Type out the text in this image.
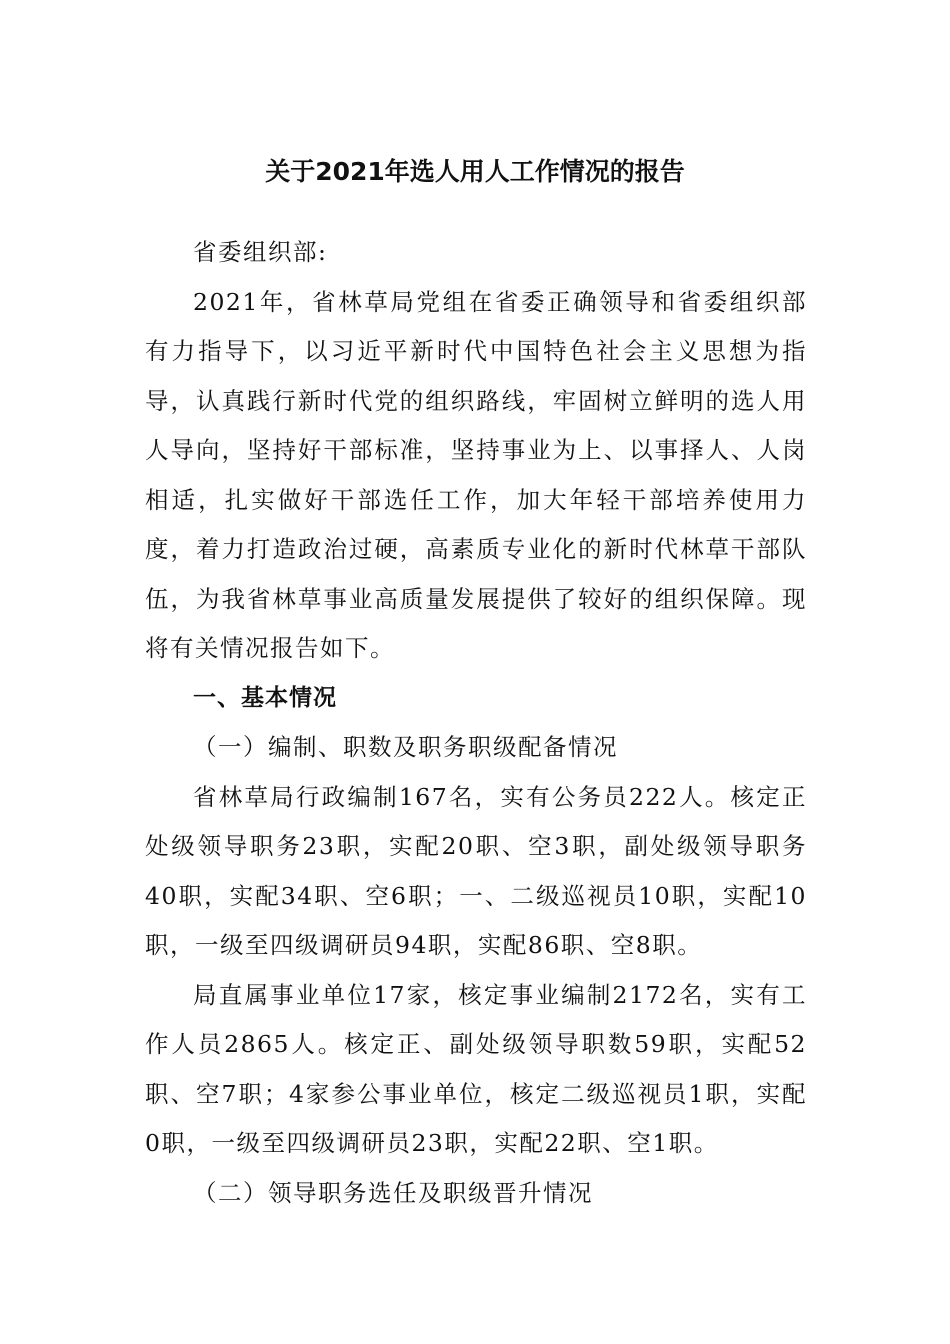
关于2021年选人用人工作情况的报告

省委组织部:

2021年，省林草局党组在省委正确领导和省委组织部有力指导下，以习近平新时代中国特色社会主义思想为指导，认真践行新时代党的组织路线，牢固树立鲜明的选人用人导向，坚持好干部标准，坚持事业为上、以事择人、人岗相适，扎实做好干部选任工作，加大年轻干部培养使用力度，着力打造政治过硬，高素质专业化的新时代林草干部队伍，为我省林草事业高质量发展提供了较好的组织保障。现将有关情况报告如下。

一、基本情况

（一）编制、职数及职务职级配备情况

省林草局行政编制167名，实有公务员222人。核定正处级领导职务23职，实配20职、空3职，副处级领导职务40职，实配34职、空6职；一、二级巡视员10职，实配10职，一级至四级调研员94职，实配86职、空8职。

局直属事业单位17家，核定事业编制2172名，实有工作人员2865人。核定正、副处级领导职数59职，实配52职、空7职；4家参公事业单位，核定二级巡视员1职，实配0职，一级至四级调研员23职，实配22职、空1职。

（二）领导职务选任及职级晋升情况
